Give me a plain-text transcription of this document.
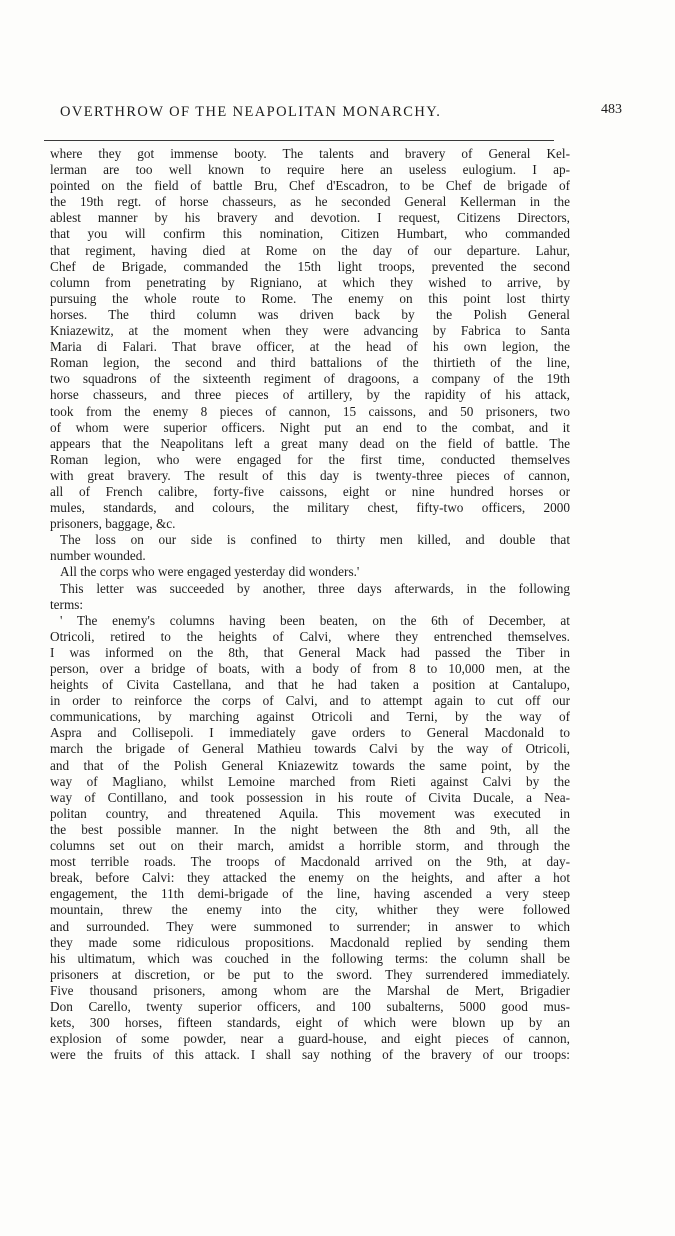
OVERTHROW OF THE NEAPOLITAN MONARCHY.	483
where they got immense booty. The talents and bravery of General Kel-
lerman are too well known to require here an useless eulogium. I ap-
pointed on the field of battle Bru, Chef d'Escadron, to be Chef de brigade of
the 19th regt. of horse chasseurs, as he seconded General Kellerman in the
ablest manner by his bravery and devotion. I request, Citizens Directors,
that you will confirm this nomination, Citizen Humbart, who commanded
that regiment, having died at Rome on the day of our departure. Lahur,
Chef de Brigade, commanded the 15th light troops, prevented the second
column from penetrating by Rigniano, at which they wished to arrive, by
pursuing the whole route to Rome. The enemy on this point lost thirty
horses. The third column was driven back by the Polish General
Kniazewitz, at the moment when they were advancing by Fabrica to Santa
Maria di Falari. That brave officer, at the head of his own legion, the
Roman legion, the second and third battalions of the thirtieth of the line,
two squadrons of the sixteenth regiment of dragoons, a company of the 19th
horse chasseurs, and three pieces of artillery, by the rapidity of his attack,
took from the enemy 8 pieces of cannon, 15 caissons, and 50 prisoners, two
of whom were superior officers. Night put an end to the combat, and it
appears that the Neapolitans left a great many dead on the field of battle. The
Roman legion, who were engaged for the first time, conducted themselves
with great bravery. The result of this day is twenty-three pieces of cannon,
all of French calibre, forty-five caissons, eight or nine hundred horses or
mules, standards, and colours, the military chest, fifty-two officers, 2000
prisoners, baggage, &c.
The loss on our side is confined to thirty men killed, and double that
number wounded.
All the corps who were engaged yesterday did wonders.'
This letter was succeeded by another, three days afterwards, in the following
terms:
' The enemy's columns having been beaten, on the 6th of December, at
Otricoli, retired to the heights of Calvi, where they entrenched themselves.
I was informed on the 8th, that General Mack had passed the Tiber in
person, over a bridge of boats, with a body of from 8 to 10,000 men, at the
heights of Civita Castellana, and that he had taken a position at Cantalupo,
in order to reinforce the corps of Calvi, and to attempt again to cut off our
communications, by marching against Otricoli and Terni, by the way of
Aspra and Collisepoli. I immediately gave orders to General Macdonald to
march the brigade of General Mathieu towards Calvi by the way of Otricoli,
and that of the Polish General Kniazewitz towards the same point, by the
way of Magliano, whilst Lemoine marched from Rieti against Calvi by the
way of Contillano, and took possession in his route of Civita Ducale, a Nea-
politan country, and threatened Aquila. This movement was executed in
the best possible manner. In the night between the 8th and 9th, all the
columns set out on their march, amidst a horrible storm, and through the
most terrible roads. The troops of Macdonald arrived on the 9th, at day-
break, before Calvi: they attacked the enemy on the heights, and after a hot
engagement, the 11th demi-brigade of the line, having ascended a very steep
mountain, threw the enemy into the city, whither they were followed
and surrounded. They were summoned to surrender; in answer to which
they made some ridiculous propositions. Macdonald replied by sending them
his ultimatum, which was couched in the following terms: the column shall be
prisoners at discretion, or be put to the sword. They surrendered immediately.
Five thousand prisoners, among whom are the Marshal de Mert, Brigadier
Don Carello, twenty superior officers, and 100 subalterns, 5000 good mus-
kets, 300 horses, fifteen standards, eight of which were blown up by an
explosion of some powder, near a guard-house, and eight pieces of cannon,
were the fruits of this attack. I shall say nothing of the bravery of our troops:
